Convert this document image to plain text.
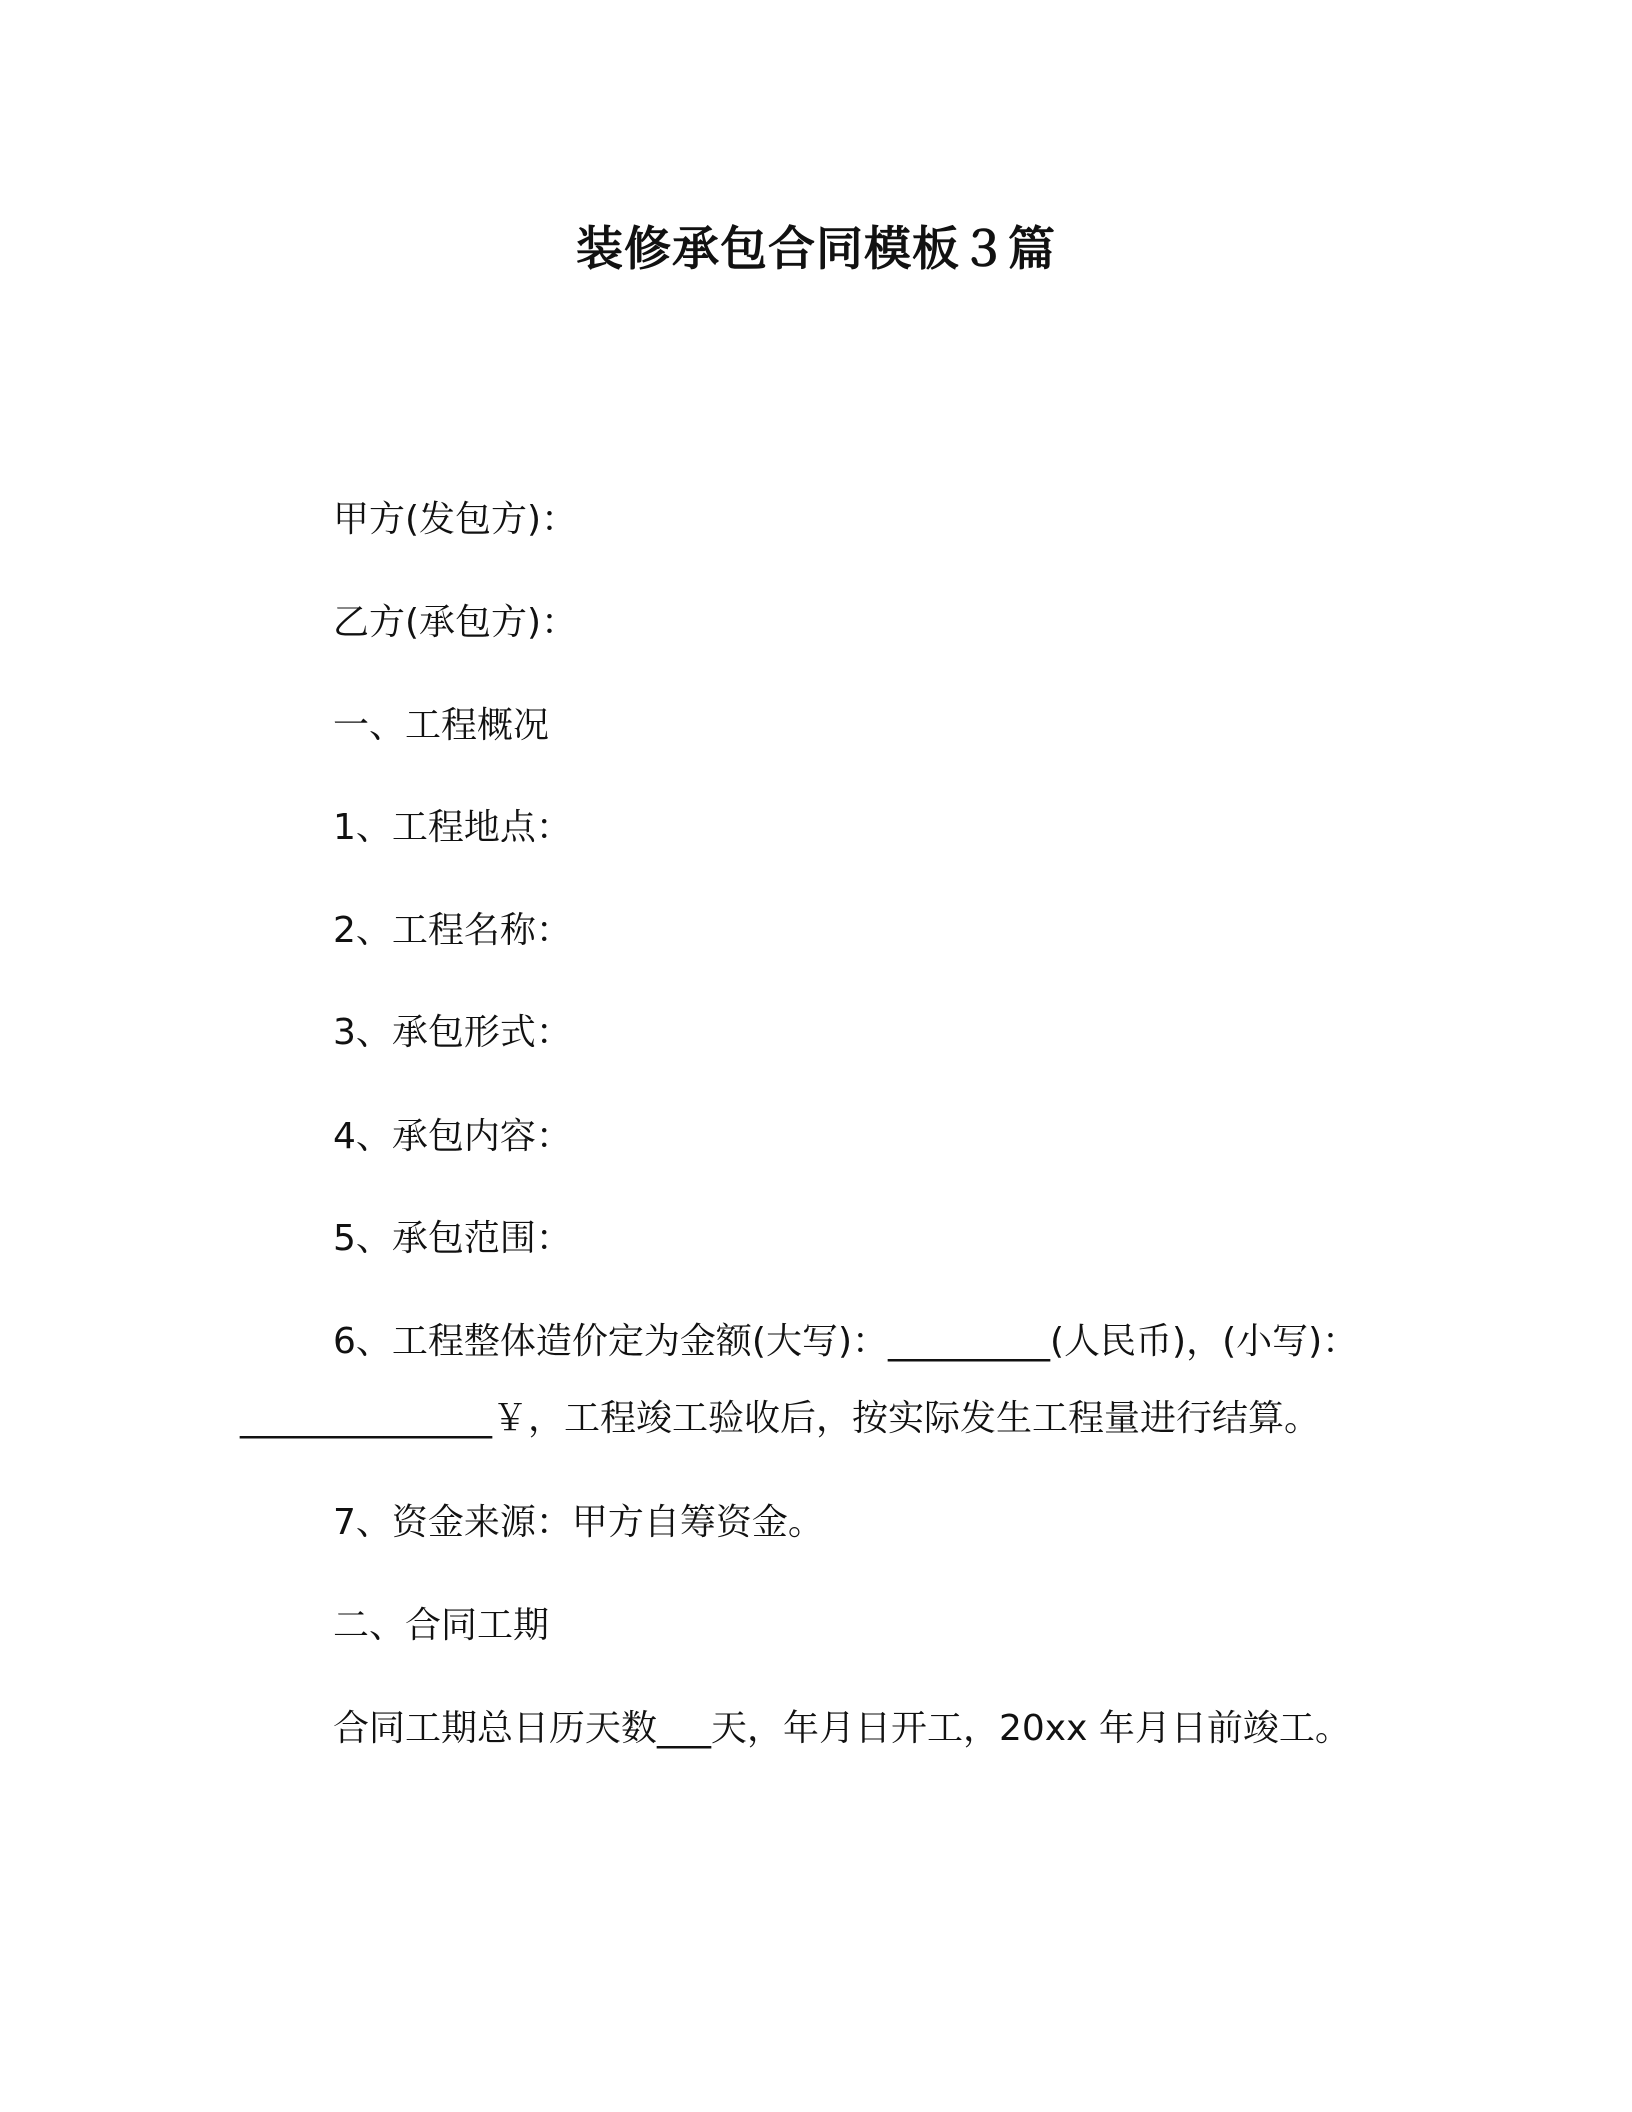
装修承包合同模板３篇
甲方(发包方)：
乙方(承包方)：
一、工程概况
1、工程地点：
2、工程名称：
3、承包形式：
4、承包内容：
5、承包范围：
6、工程整体造价定为金额(大写)：_________(人民币)，(小写)：
______________￥，工程竣工验收后，按实际发生工程量进行结算。
7、资金来源：甲方自筹资金。
二、合同工期
合同工期总日历天数___天，年月日开工，20xx 年月日前竣工。
